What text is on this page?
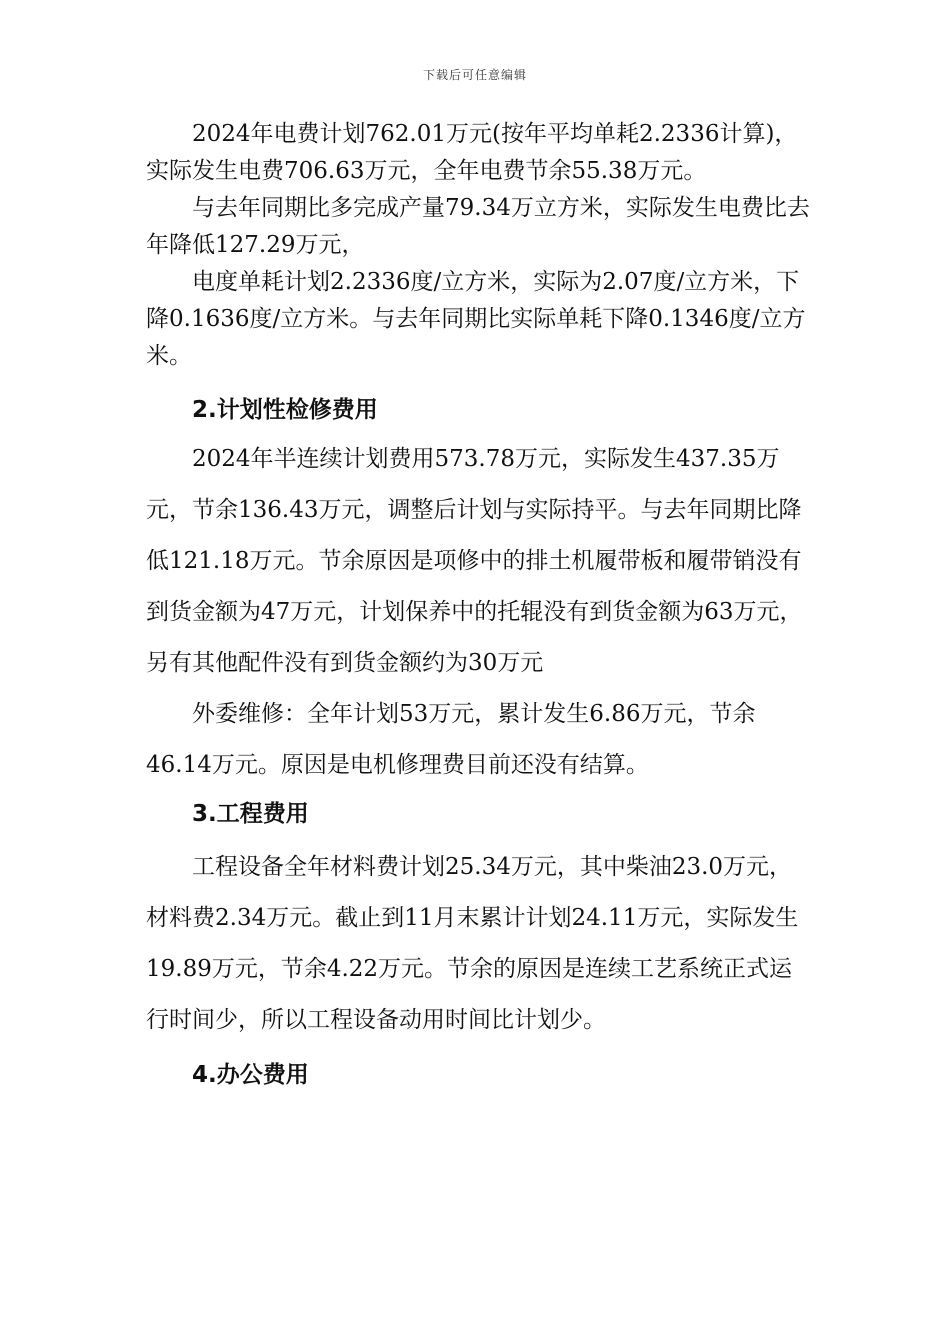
下载后可任意编辑

2024年电费计划762.01万元(按年平均单耗2.2336计算)，实际发生电费706.63万元，全年电费节余55.38万元。

与去年同期比多完成产量79.34万立方米，实际发生电费比去年降低127.29万元，

电度单耗计划2.2336度/立方米，实际为2.07度/立方米，下降0.1636度/立方米。与去年同期比实际单耗下降0.1346度/立方米。

2.计划性检修费用

2024年半连续计划费用573.78万元，实际发生437.35万元，节余136.43万元，调整后计划与实际持平。与去年同期比降低121.18万元。节余原因是项修中的排土机履带板和履带销没有到货金额为47万元，计划保养中的托辊没有到货金额为63万元，另有其他配件没有到货金额约为30万元

外委维修：全年计划53万元，累计发生6.86万元，节余46.14万元。原因是电机修理费目前还没有结算。

3.工程费用

工程设备全年材料费计划25.34万元，其中柴油23.0万元，材料费2.34万元。截止到11月末累计计划24.11万元，实际发生19.89万元，节余4.22万元。节余的原因是连续工艺系统正式运行时间少，所以工程设备动用时间比计划少。

4.办公费用
